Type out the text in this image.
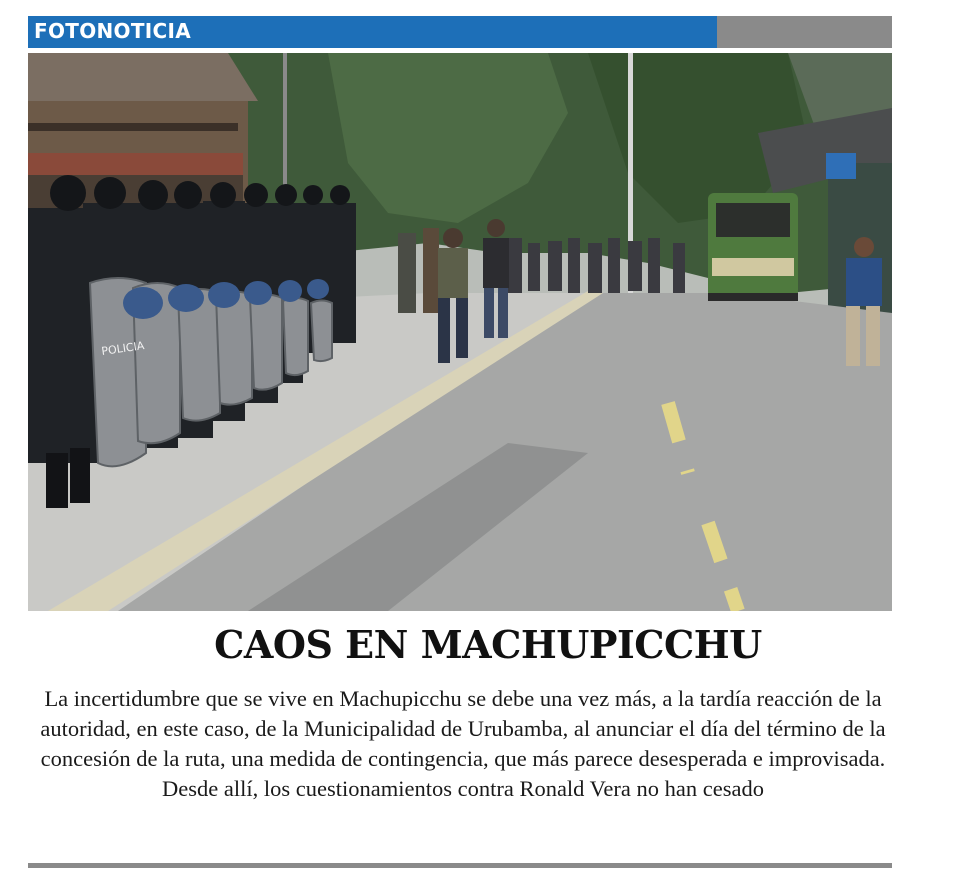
FOTONOTICIA
POLICIA
CAOS EN MACHUPICCHU

La incertidumbre que se vive en Machupicchu se debe una vez más, a la tardía reacción de la autoridad, en este caso, de la Municipalidad de Urubamba, al anunciar el día del término de la concesión de la ruta, una medida de contingencia, que más parece desesperada e improvisada. Desde allí, los cuestionamientos contra Ronald Vera no han cesado
